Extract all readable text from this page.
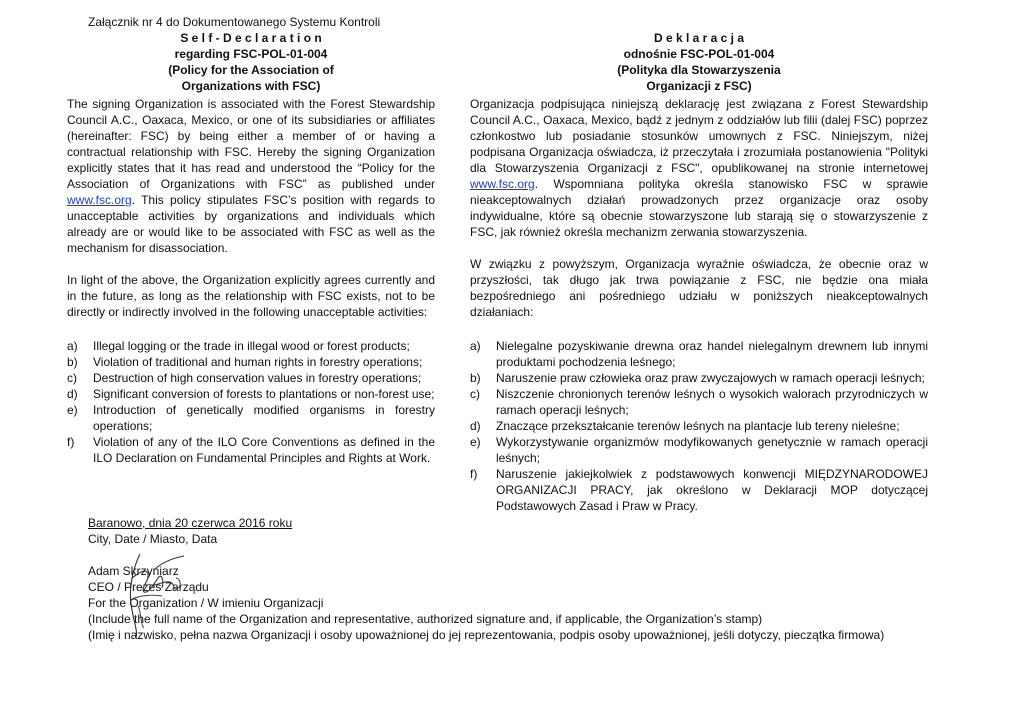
Załącznik nr 4 do Dokumentowanego Systemu Kontroli
S e l f - D e c l a r a t i o n
regarding FSC-POL-01-004
(Policy for the Association of
Organizations with FSC)
The signing Organization is associated with the Forest Stewardship Council A.C., Oaxaca, Mexico, or one of its subsidiaries or affiliates (hereinafter: FSC) by being either a member of or having a contractual relationship with FSC. Hereby the signing Organization explicitly states that it has read and understood the “Policy for the Association of Organizations with FSC” as published under www.fsc.org. This policy stipulates FSC’s position with regards to unacceptable activities by organizations and individuals which already are or would like to be associated with FSC as well as the mechanism for disassociation.
In light of the above, the Organization explicitly agrees currently and in the future, as long as the relationship with FSC exists, not to be directly or indirectly involved in the following unacceptable activities:
a) Illegal logging or the trade in illegal wood or forest products;
b) Violation of traditional and human rights in forestry operations;
c) Destruction of high conservation values in forestry operations;
d) Significant conversion of forests to plantations or non-forest use;
e) Introduction of genetically modified organisms in forestry operations;
f) Violation of any of the ILO Core Conventions as defined in the ILO Declaration on Fundamental Principles and Rights at Work.
D e k l a r a c j a
odnośnie FSC-POL-01-004
(Polityka dla Stowarzyszenia
Organizacji z FSC)
Organizacja podpisująca niniejszą deklarację jest związana z Forest Stewardship Council A.C., Oaxaca, Mexico, bądź z jednym z oddziałów lub filii (dalej FSC) poprzez członkostwo lub posiadanie stosunków umownych z FSC. Niniejszym, niżej podpisana Organizacja oświadcza, iż przeczytała i zrozumiała postanowienia "Polityki dla Stowarzyszenia Organizacji z FSC", opublikowanej na stronie internetowej www.fsc.org. Wspomniana polityka określa stanowisko FSC w sprawie nieakceptowalnych działań prowadzonych przez organizacje oraz osoby indywidualne, które są obecnie stowarzyszone lub starają się o stowarzyszenie z FSC, jak również określa mechanizm zerwania stowarzyszenia.
W związku z powyższym, Organizacja wyraźnie oświadcza, że obecnie oraz w przyszłości, tak długo jak trwa powiązanie z FSC, nie będzie ona miała bezpośredniego ani pośredniego udziału w poniższych nieakceptowalnych działaniach:
a) Nielegalne pozyskiwanie drewna oraz handel nielegalnym drewnem lub innymi produktami pochodzenia leśnego;
b) Naruszenie praw człowieka oraz praw zwyczajowych w ramach operacji leśnych;
c) Niszczenie chronionych terenów leśnych o wysokich walorach przyrodniczych w ramach operacji leśnych;
d) Znaczące przekształcanie terenów leśnych na plantacje lub tereny nieleśne;
e) Wykorzystywanie organizmów modyfikowanych genetycznie w ramach operacji leśnych;
f) Naruszenie jakiejkolwiek z podstawowych konwencji MIĘDZYNARODOWEJ ORGANIZACJI PRACY, jak określono w Deklaracji MOP dotyczącej Podstawowych Zasad i Praw w Pracy.
Baranowo, dnia 20 czerwca 2016 roku
City, Date / Miasto, Data
Adam Skrzyniarz
CEO / Prezes Zarządu
For the Organization / W imieniu Organizacji
(Include the full name of the Organization and representative, authorized signature and, if applicable, the Organization’s stamp)
(Imię i nazwisko, pełna nazwa Organizacji i osoby upoważnionej do jej reprezentowania, podpis osoby upoważnionej, jeśli dotyczy, pieczątka firmowa)
